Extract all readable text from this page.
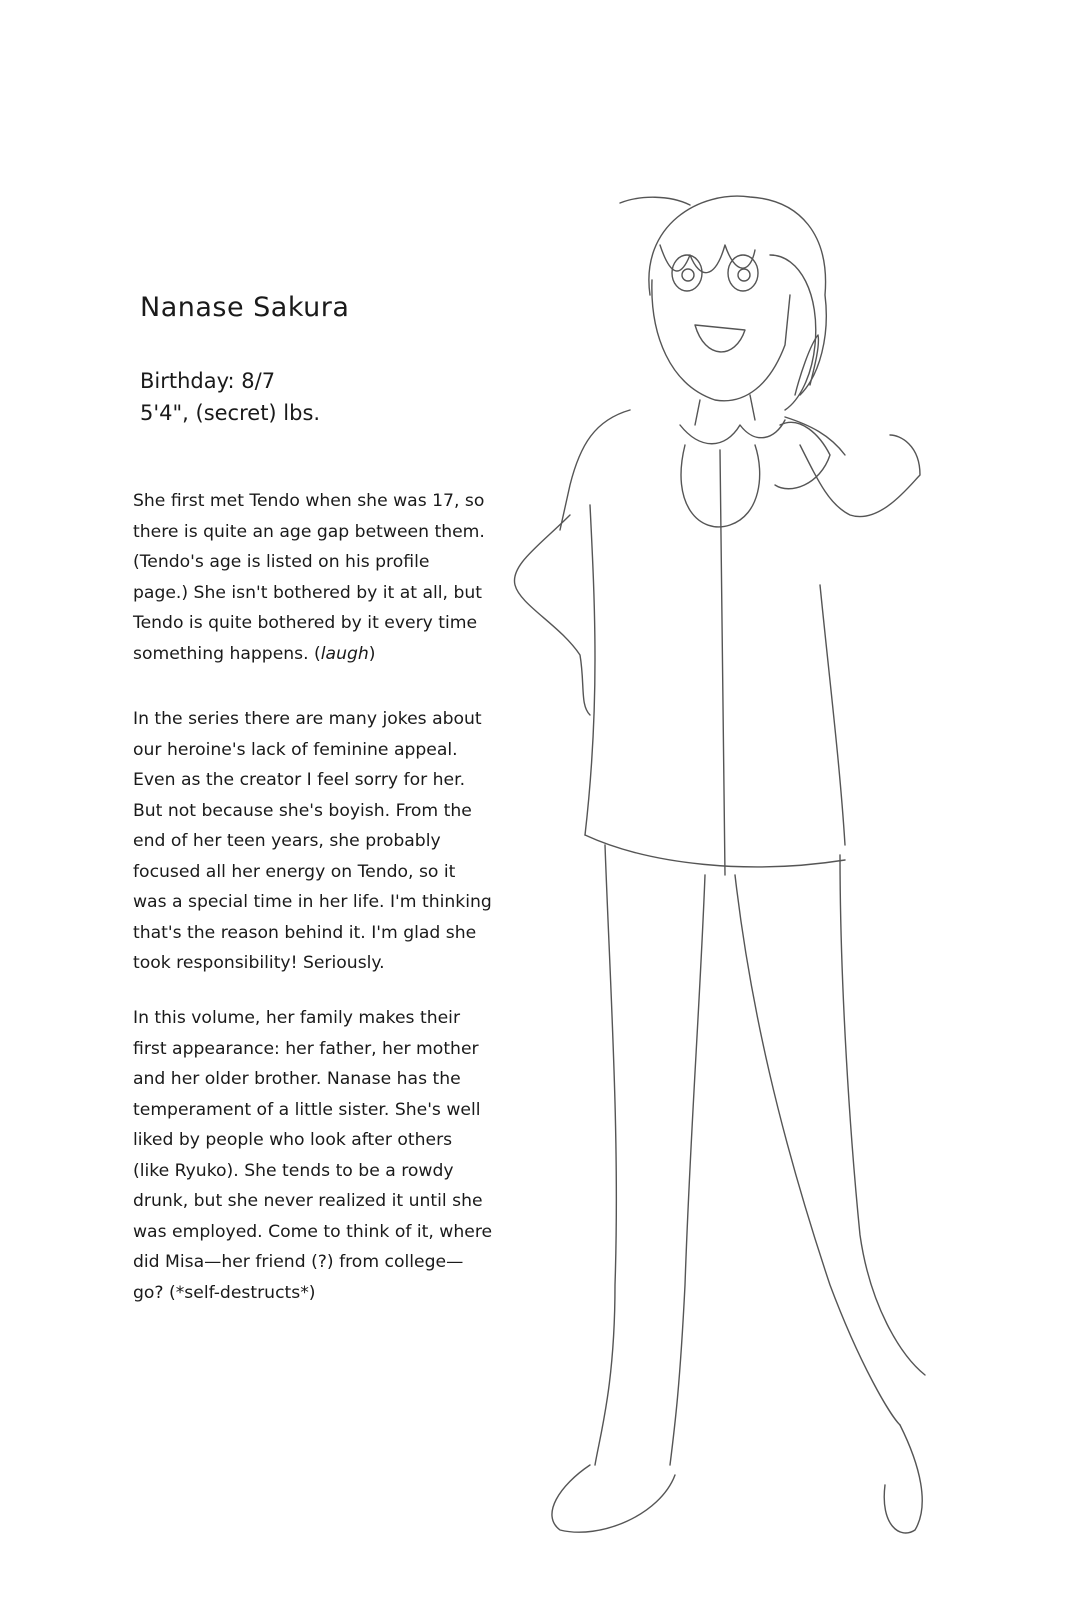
Nanase Sakura
Birthday: 8/7
5'4", (secret) lbs.
She first met Tendo when she was 17, so
there is quite an age gap between them.
(Tendo's age is listed on his profile
page.) She isn't bothered by it at all, but
Tendo is quite bothered by it every time
something happens. (laugh)
In the series there are many jokes about
our heroine's lack of feminine appeal.
Even as the creator I feel sorry for her.
But not because she's boyish. From the
end of her teen years, she probably
focused all her energy on Tendo, so it
was a special time in her life. I'm thinking
that's the reason behind it. I'm glad she
took responsibility! Seriously.
In this volume, her family makes their
first appearance: her father, her mother
and her older brother. Nanase has the
temperament of a little sister. She's well
liked by people who look after others
(like Ryuko). She tends to be a rowdy
drunk, but she never realized it until she
was employed. Come to think of it, where
did Misa—her friend (?) from college—
go? (*self-destructs*)
